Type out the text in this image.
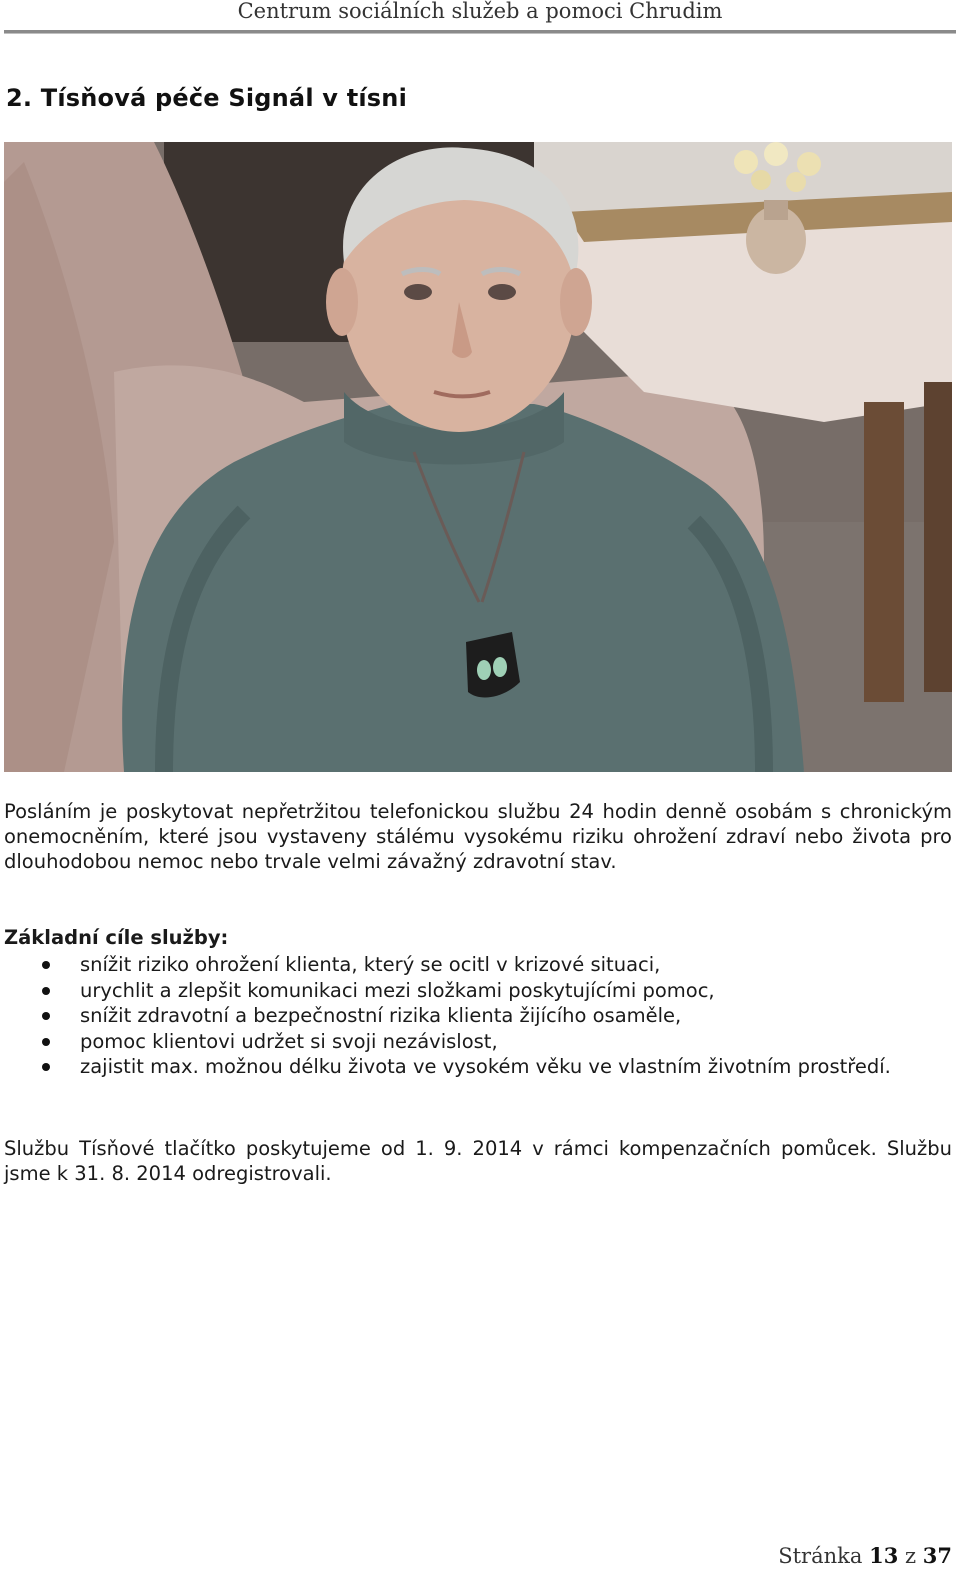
Centrum sociálních služeb a pomoci Chrudim
2. Tísňová péče Signál v tísni
Posláním je poskytovat nepřetržitou telefonickou službu 24 hodin denně osobám s chronickým onemocněním, které jsou vystaveny stálému vysokému riziku ohrožení zdraví nebo života pro dlouhodobou nemoc nebo trvale velmi závažný zdravotní stav.
Základní cíle služby:
snížit riziko ohrožení klienta, který se ocitl v krizové situaci,
urychlit a zlepšit komunikaci mezi složkami poskytujícími pomoc,
snížit zdravotní a bezpečnostní rizika klienta žijícího osaměle,
pomoc klientovi udržet si svoji nezávislost,
zajistit max. možnou délku života ve vysokém věku ve vlastním životním prostředí.
Službu Tísňové tlačítko poskytujeme od 1. 9. 2014 v rámci kompenzačních pomůcek. Službu jsme k 31. 8. 2014 odregistrovali.
Stránka 13 z 37
